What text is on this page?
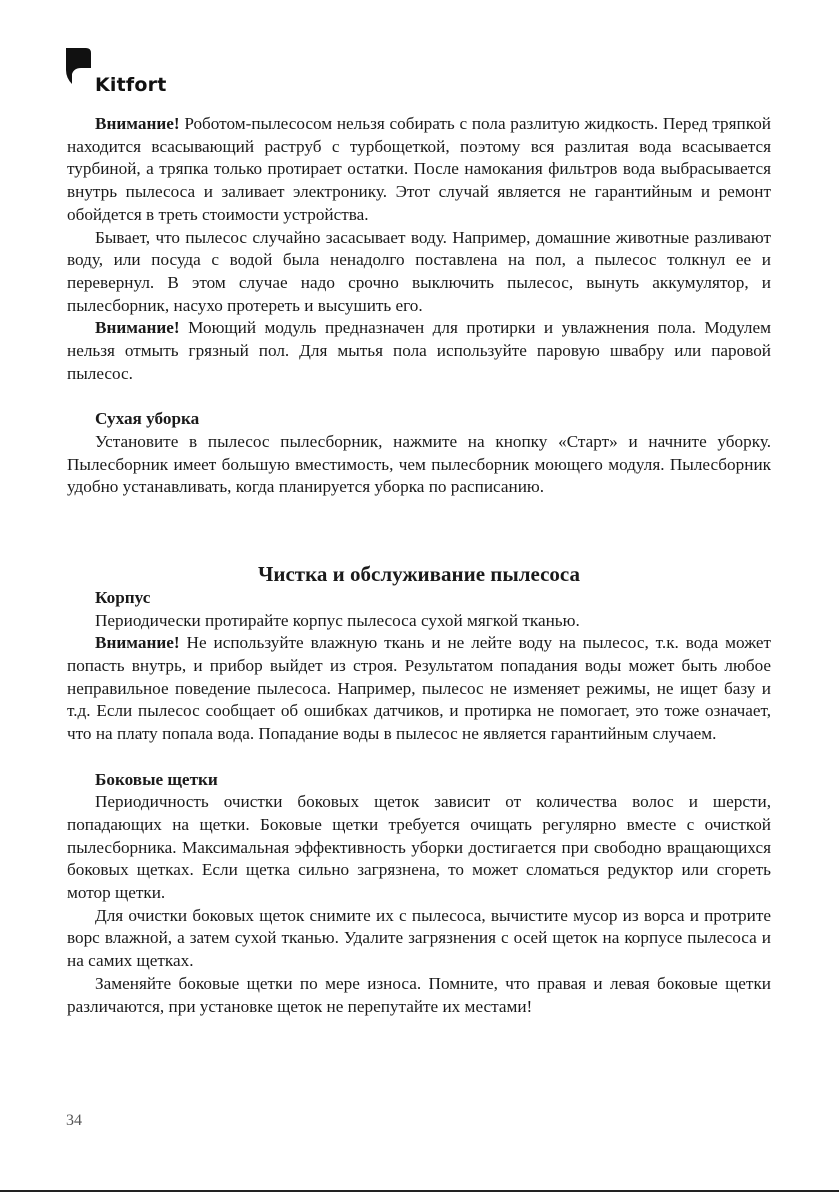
Kitfort

Внимание! Роботом-пылесосом нельзя собирать с пола разлитую жидкость. Перед тряпкой находится всасывающий раструб с турбощеткой, поэтому вся разлитая вода всасывается турбиной, а тряпка только протирает остатки. После намокания фильтров вода выбрасывается внутрь пылесоса и заливает электронику. Этот случай является не гарантийным и ремонт обойдется в треть стоимости устройства.

Бывает, что пылесос случайно засасывает воду. Например, домашние животные разливают воду, или посуда с водой была ненадолго поставлена на пол, а пылесос толкнул ее и перевернул. В этом случае надо срочно выключить пылесос, вынуть аккумулятор, и пылесборник, насухо протереть и высушить его.

Внимание! Моющий модуль предназначен для протирки и увлажнения пола. Модулем нельзя отмыть грязный пол. Для мытья пола используйте паровую швабру или паровой пылесос.

Сухая уборка

Установите в пылесос пылесборник, нажмите на кнопку «Старт» и начните уборку. Пылесборник имеет большую вместимость, чем пылесборник моющего модуля. Пылесборник удобно устанавливать, когда планируется уборка по расписанию.

Чистка и обслуживание пылесоса
Корпус

Периодически протирайте корпус пылесоса сухой мягкой тканью.

Внимание! Не используйте влажную ткань и не лейте воду на пылесос, т.к. вода может попасть внутрь, и прибор выйдет из строя. Результатом попадания воды может быть любое неправильное поведение пылесоса. Например, пылесос не изменяет режимы, не ищет базу и т.д. Если пылесос сообщает об ошибках датчиков, и протирка не помогает, это тоже означает, что на плату попала вода. Попадание воды в пылесос не является гарантийным случаем.

Боковые щетки

Периодичность очистки боковых щеток зависит от количества волос и шерсти, попадающих на щетки. Боковые щетки требуется очищать регулярно вместе с очисткой пылесборника. Максимальная эффективность уборки достигается при свободно вращающихся боковых щетках. Если щетка сильно загрязнена, то может сломаться редуктор или сгореть мотор щетки.

Для очистки боковых щеток снимите их с пылесоса, вычистите мусор из ворса и протрите ворс влажной, а затем сухой тканью. Удалите загрязнения с осей щеток на корпусе пылесоса и на самих щетках.

Заменяйте боковые щетки по мере износа. Помните, что правая и левая боковые щетки различаются, при установке щеток не перепутайте их местами!

34
